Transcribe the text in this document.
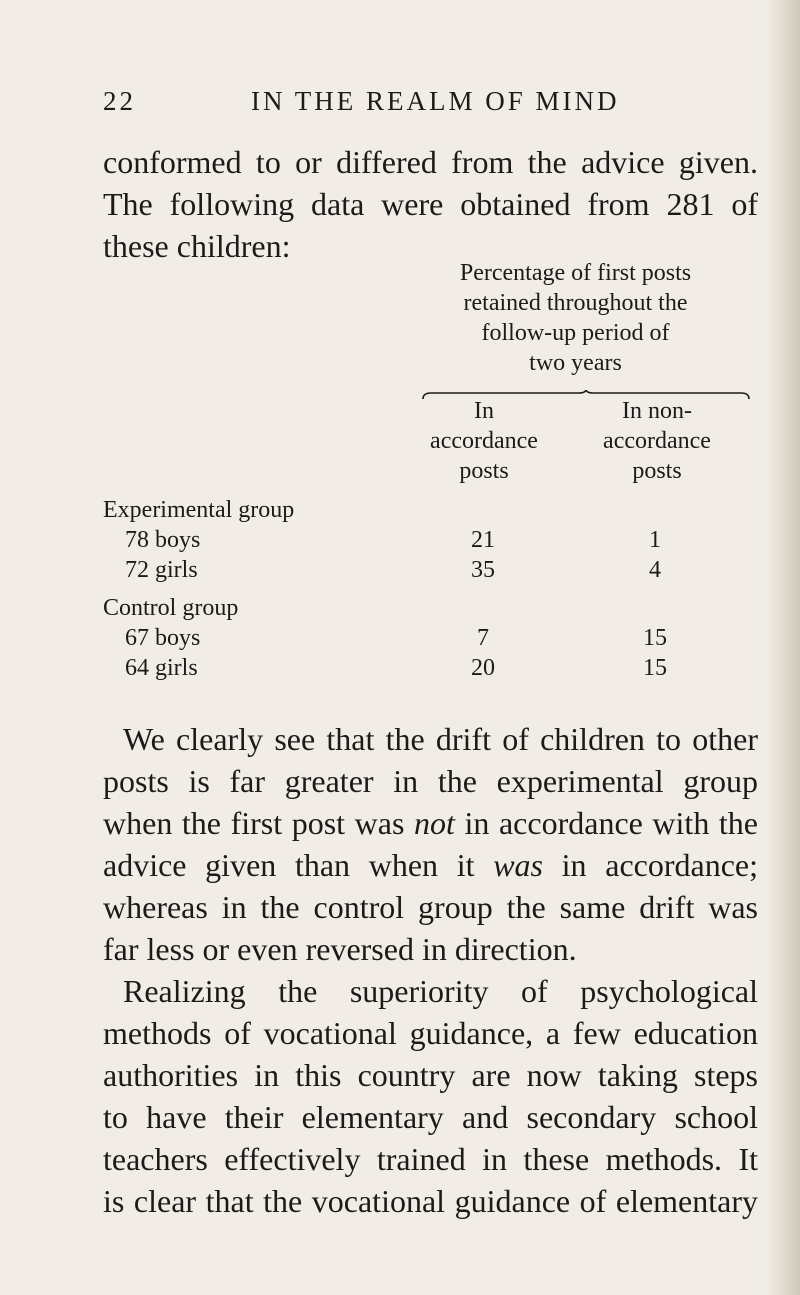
22	IN THE REALM OF MIND

conformed to or differed from the advice given.
The following data were obtained from 281 of
these children:

Percentage of first posts
retained throughout the
follow-up period of
two years
In
accordance
posts
In non-
accordance
posts
Experimental group
78 boys	21	1
72 girls	35	4
Control group
67 boys	7	15
64 girls	20	15

We clearly see that the drift of children to other
posts is far greater in the experimental group
when the first post was not in accordance with the
advice given than when it was in accordance;
whereas in the control group the same drift was
far less or even reversed in direction.

Realizing the superiority of psychological
methods of vocational guidance, a few education
authorities in this country are now taking steps
to have their elementary and secondary school
teachers effectively trained in these methods. It
is clear that the vocational guidance of elementary
